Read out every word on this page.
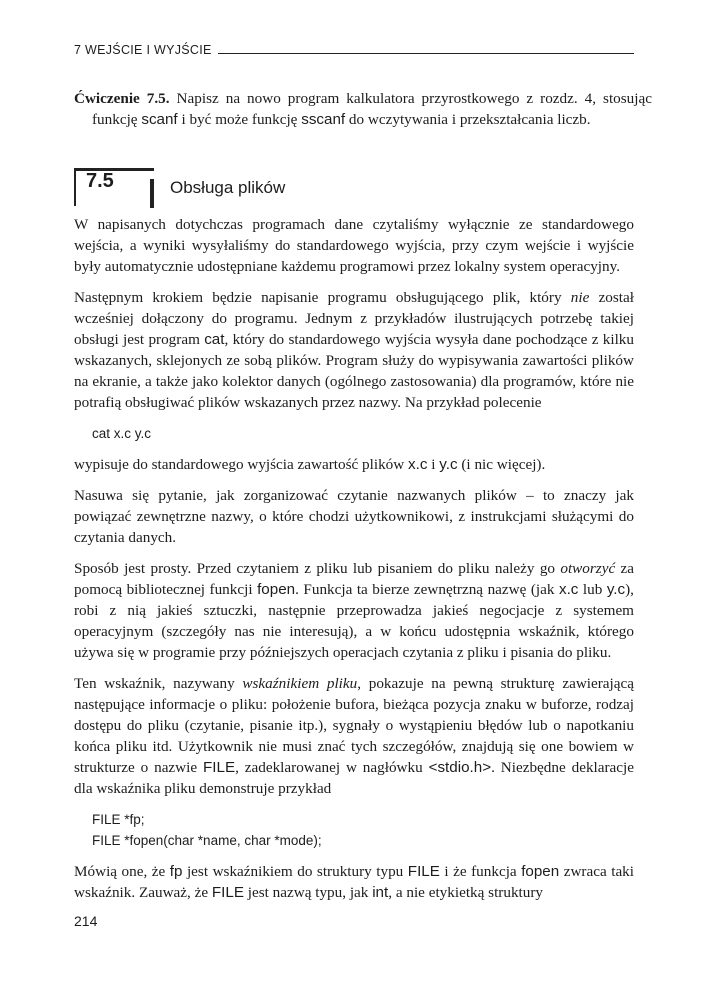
7 WEJŚCIE I WYJŚCIE
Ćwiczenie 7.5. Napisz na nowo program kalkulatora przyrostkowego z rozdz. 4, stosując funkcję scanf i być może funkcję sscanf do wczytywania i przekształcania liczb.
7.5	Obsługa plików

W napisanych dotychczas programach dane czytaliśmy wyłącznie ze standardowego wejścia, a wyniki wysyłaliśmy do standardowego wyjścia, przy czym wejście i wyjście były automatycznie udostępniane każdemu programowi przez lokalny system operacyjny.

Następnym krokiem będzie napisanie programu obsługującego plik, który nie został wcześniej dołączony do programu. Jednym z przykładów ilustrujących potrzebę takiej obsługi jest program cat, który do standardowego wyjścia wysyła dane pochodzące z kilku wskazanych, sklejonych ze sobą plików. Program służy do wypisywania zawartości plików na ekranie, a także jako kolektor danych (ogólnego zastosowania) dla programów, które nie potrafią obsługiwać plików wskazanych przez nazwy. Na przykład polecenie

cat x.c y.c

wypisuje do standardowego wyjścia zawartość plików x.c i y.c (i nic więcej).

Nasuwa się pytanie, jak zorganizować czytanie nazwanych plików – to znaczy jak powiązać zewnętrzne nazwy, o które chodzi użytkownikowi, z instrukcjami służącymi do czytania danych.

Sposób jest prosty. Przed czytaniem z pliku lub pisaniem do pliku należy go otworzyć za pomocą bibliotecznej funkcji fopen. Funkcja ta bierze zewnętrzną nazwę (jak x.c lub y.c), robi z nią jakieś sztuczki, następnie przeprowadza jakieś negocjacje z systemem operacyjnym (szczegóły nas nie interesują), a w końcu udostępnia wskaźnik, którego używa się w programie przy późniejszych operacjach czytania z pliku i pisania do pliku.

Ten wskaźnik, nazywany wskaźnikiem pliku, pokazuje na pewną strukturę zawierającą następujące informacje o pliku: położenie bufora, bieżąca pozycja znaku w buforze, rodzaj dostępu do pliku (czytanie, pisanie itp.), sygnały o wystąpieniu błędów lub o napotkaniu końca pliku itd. Użytkownik nie musi znać tych szczegółów, znajdują się one bowiem w strukturze o nazwie FILE, zadeklarowanej w nagłówku <stdio.h>. Niezbędne deklaracje dla wskaźnika pliku demonstruje przykład

FILE *fp;
FILE *fopen(char *name, char *mode);

Mówią one, że fp jest wskaźnikiem do struktury typu FILE i że funkcja fopen zwraca taki wskaźnik. Zauważ, że FILE jest nazwą typu, jak int, a nie etykietką struktury

214
